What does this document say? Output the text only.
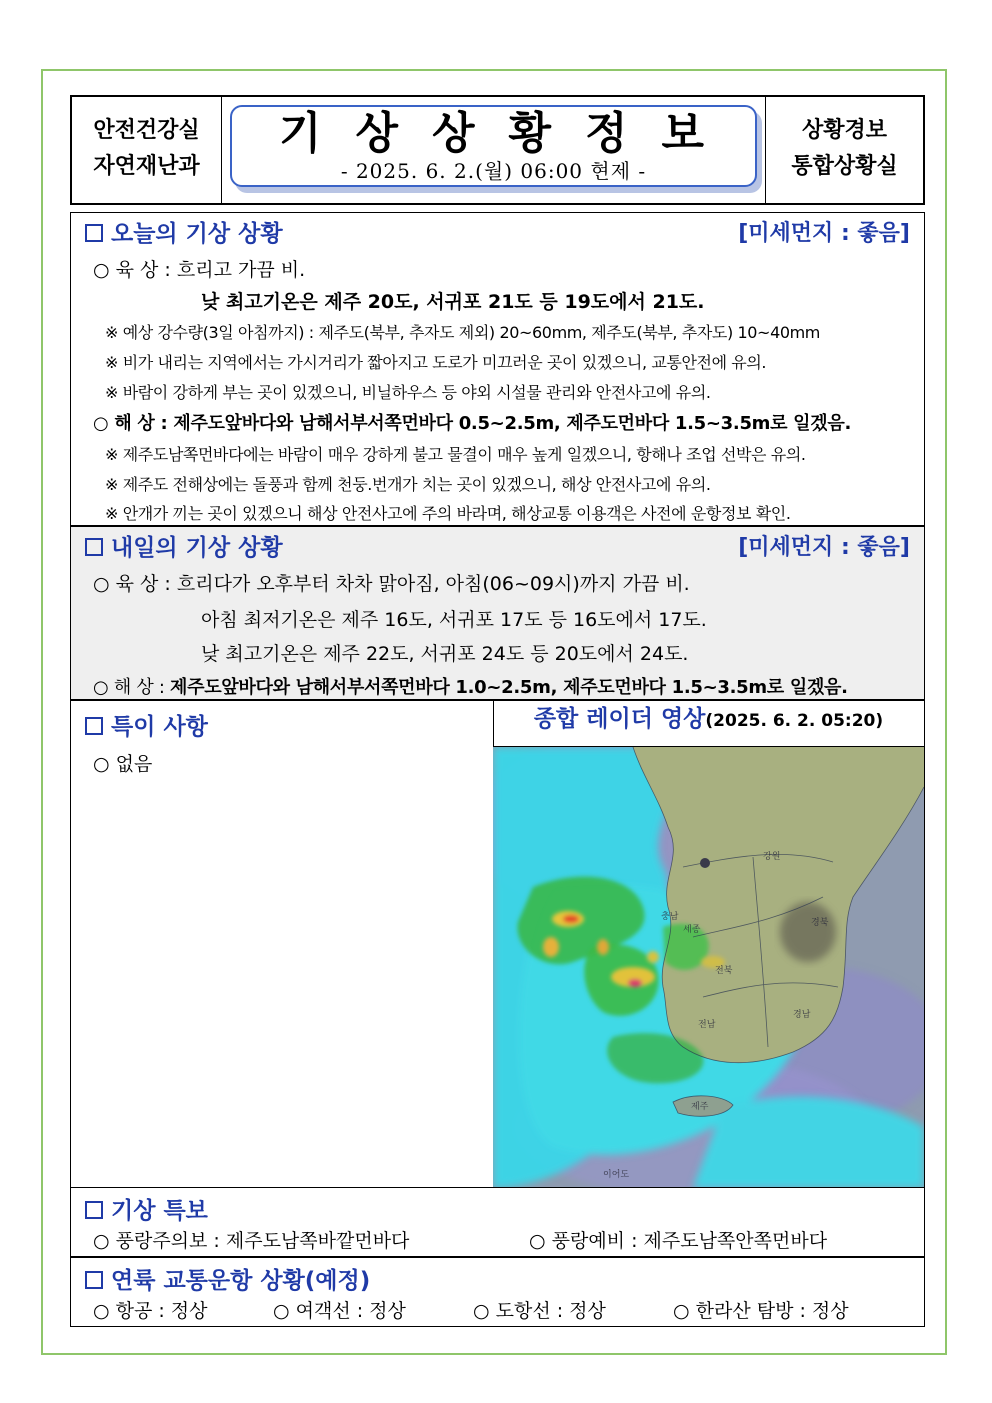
안전건강실
자연재난과
기상상황정보
- 2025. 6. 2.(월) 06:00 현제 -
상황경보
통합상황실
오늘의 기상 상황	[미세먼지 : 좋음]
○ 육 상 : 흐리고 가끔 비.
낮 최고기온은 제주 20도, 서귀포 21도 등 19도에서 21도.
※ 예상 강수량(3일 아침까지) : 제주도(북부, 추자도 제외) 20~60mm, 제주도(북부, 추자도) 10~40mm
※ 비가 내리는 지역에서는 가시거리가 짧아지고 도로가 미끄러운 곳이 있겠으니, 교통안전에 유의.
※ 바람이 강하게 부는 곳이 있겠으니, 비닐하우스 등 야외 시설물 관리와 안전사고에 유의.
○ 해 상 : 제주도앞바다와 남해서부서쪽먼바다 0.5~2.5m, 제주도먼바다 1.5~3.5m로 일겠음.
※ 제주도남쪽먼바다에는 바람이 매우 강하게 불고 물결이 매우 높게 일겠으니, 항해나 조업 선박은 유의.
※ 제주도 전해상에는 돌풍과 함께 천둥.번개가 치는 곳이 있겠으니, 해상 안전사고에 유의.
※ 안개가 끼는 곳이 있겠으니 해상 안전사고에 주의 바라며, 해상교통 이용객은 사전에 운항정보 확인.
내일의 기상 상황	[미세먼지 : 좋음]
○ 육 상 : 흐리다가 오후부터 차차 맑아짐, 아침(06~09시)까지 가끔 비.
아침 최저기온은 제주 16도, 서귀포 17도 등 16도에서 17도.
낮 최고기온은 제주 22도, 서귀포 24도 등 20도에서 24도.
○ 해 상 : 제주도앞바다와 남해서부서쪽먼바다 1.0~2.5m, 제주도먼바다 1.5~3.5m로 일겠음.
특이 사항
○ 없음
종합 레이더 영상(2025. 6. 2. 05:20)
강원
경북
세종
충남
전북
전남
경남
제주
이어도
기상 특보
○ 풍랑주의보 : 제주도남쪽바깥먼바다	○ 풍랑예비 : 제주도남쪽안쪽먼바다
연륙 교통운항 상황(예정)
○ 항공 : 정상	○ 여객선 : 정상	○ 도항선 : 정상	○ 한라산 탐방 : 정상
